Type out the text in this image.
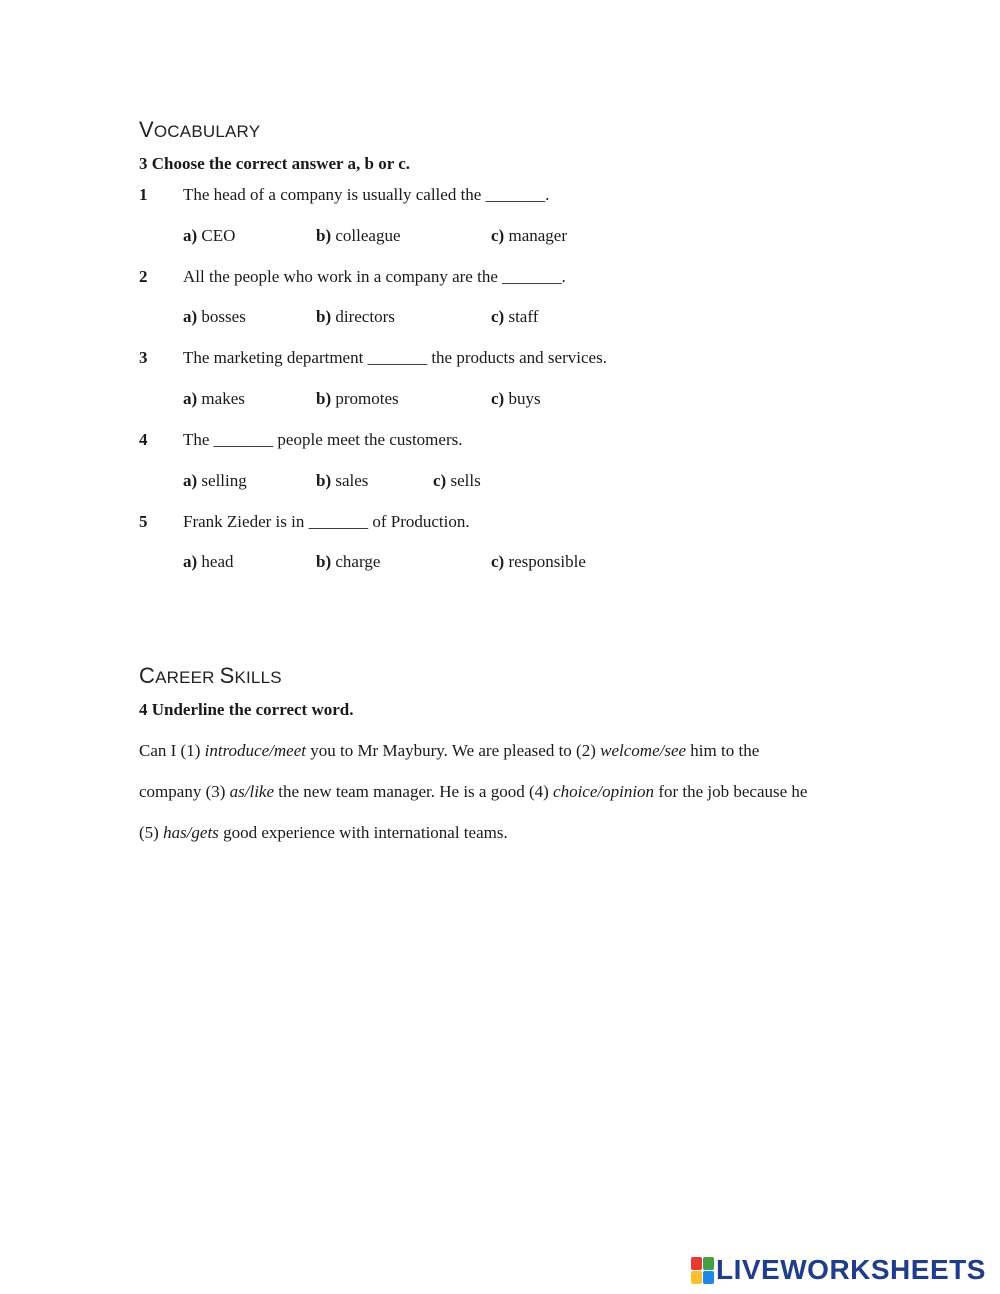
VOCABULARY
3 Choose the correct answer a, b or c.
1 The head of a company is usually called the _______.
a) CEO	b) colleague	c) manager
2 All the people who work in a company are the _______.
a) bosses	b) directors	c) staff
3 The marketing department _______ the products and services.
a) makes	b) promotes	c) buys
4 The _______ people meet the customers.
a) selling	b) sales	c) sells
5 Frank Zieder is in _______ of Production.
a) head	b) charge	c) responsible
CAREER SKILLS
4 Underline the correct word.
Can I (1) introduce/meet you to Mr Maybury. We are pleased to (2) welcome/see him to the
company (3) as/like the new team manager. He is a good (4) choice/opinion for the job because he
(5) has/gets good experience with international teams.
LIVEWORKSHEETS
